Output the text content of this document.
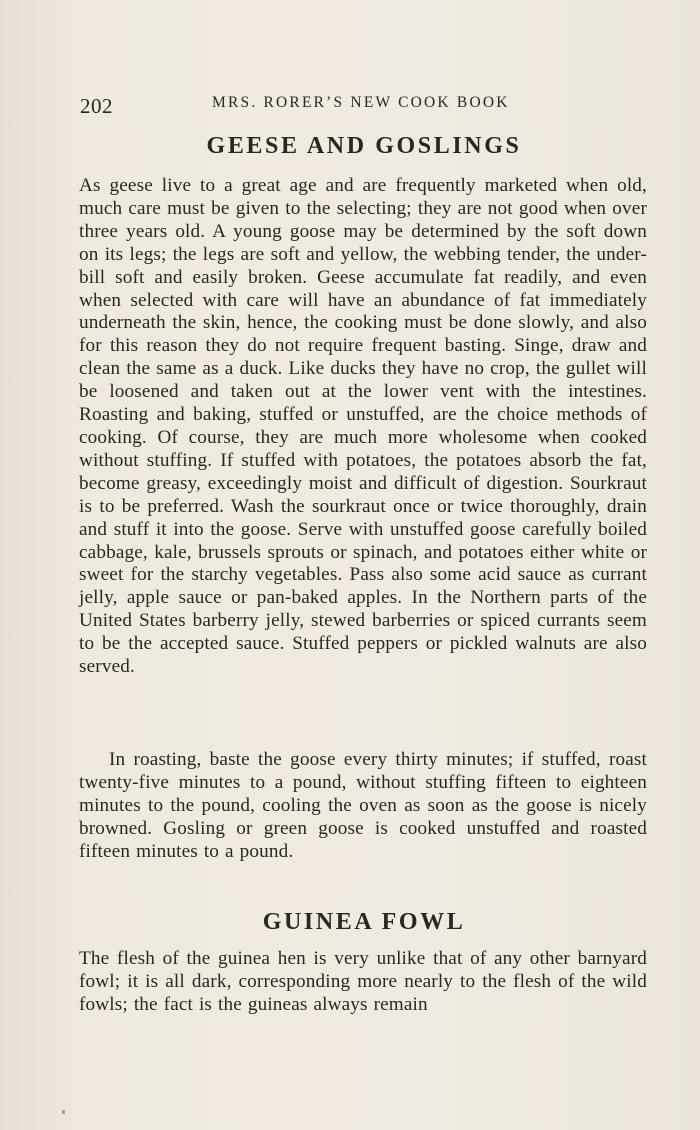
202	MRS. RORER’S NEW COOK BOOK
GEESE AND GOSLINGS

As geese live to a great age and are frequently marketed when old, much care must be given to the selecting; they are not good when over three years old. A young goose may be determined by the soft down on its legs; the legs are soft and yellow, the webbing tender, the under-bill soft and easily broken. Geese accumulate fat readily, and even when selected with care will have an abundance of fat immediately underneath the skin, hence, the cooking must be done slowly, and also for this reason they do not require frequent basting. Singe, draw and clean the same as a duck. Like ducks they have no crop, the gullet will be loosened and taken out at the lower vent with the intestines. Roasting and baking, stuffed or unstuffed, are the choice methods of cooking. Of course, they are much more wholesome when cooked without stuffing. If stuffed with potatoes, the potatoes absorb the fat, become greasy, exceedingly moist and difficult of digestion. Sourkraut is to be preferred. Wash the sourkraut once or twice thoroughly, drain and stuff it into the goose. Serve with unstuffed goose carefully boiled cabbage, kale, brussels sprouts or spinach, and potatoes either white or sweet for the starchy vegetables. Pass also some acid sauce as currant jelly, apple sauce or pan-baked apples. In the Northern parts of the United States barberry jelly, stewed barberries or spiced currants seem to be the accepted sauce. Stuffed peppers or pickled walnuts are also served.

In roasting, baste the goose every thirty minutes; if stuffed, roast twenty-five minutes to a pound, without stuffing fifteen to eighteen minutes to the pound, cooling the oven as soon as the goose is nicely browned. Gosling or green goose is cooked unstuffed and roasted fifteen minutes to a pound.

GUINEA FOWL

The flesh of the guinea hen is very unlike that of any other barnyard fowl; it is all dark, corresponding more nearly to the flesh of the wild fowls; the fact is the guineas always remain
